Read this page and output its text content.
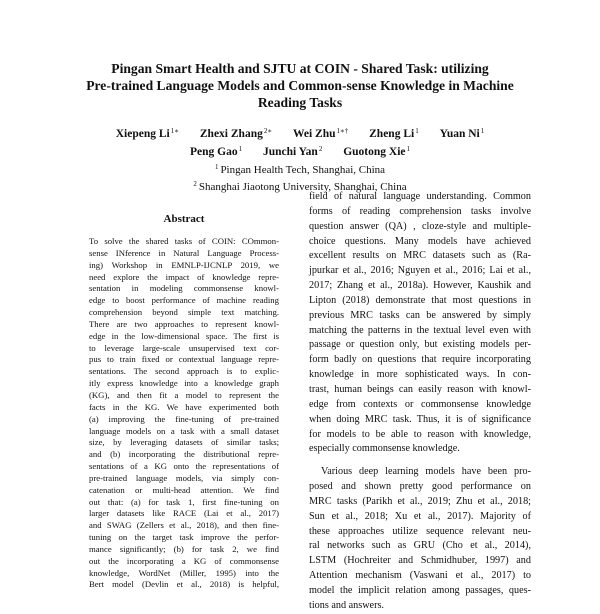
Pingan Smart Health and SJTU at COIN - Shared Task: utilizing
Pre-trained Language Models and Common-sense Knowledge in Machine
Reading Tasks
Xiepeng $Li^{1∗}$ Zhexi Zhang$^{2∗}$ Wei Zhu$^{1∗\dagger}$ Zheng Li$^1$ Yuan Ni$^1$
Peng Gao$^1$ Junchi Yan$^2$ Guotong Xie$^1$
$^1$ Pingan Health Tech, Shanghai, China
$^2$ Shanghai Jiaotong University, Shanghai, China
Abstract
To solve the shared tasks of COIN: COmmon-
sense INference in Natural Language Process-
ing) Workshop in EMNLP-IJCNLP 2019, we
need explore the impact of knowledge repre-
sentation in modeling commonsense knowl-
edge to boost performance of machine reading
comprehension beyond simple text matching.
There are two approaches to represent knowl-
edge in the low-dimensional space. The first is
to leverage large-scale unsupervised text cor-
pus to train fixed or contextual language repre-
sentations. The second approach is to explic-
itly express knowledge into a knowledge graph
(KG), and then fit a model to represent the
facts in the KG. We have experimented both
(a) improving the fine-tuning of pre-trained
language models on a task with a small dataset
size, by leveraging datasets of similar tasks;
and (b) incorporating the distributional repre-
sentations of a KG onto the representations of
pre-trained language models, via simply con-
catenation or multi-head attention. We find
out that: (a) for task 1, first fine-tuning on
larger datasets like RACE (Lai et al., 2017)
and SWAG (Zellers et al., 2018), and then fine-
tuning on the target task improve the perfor-
mance significantly; (b) for task 2, we find
out the incorporating a KG of commonsense
knowledge, WordNet (Miller, 1995) into the
Bert model (Devlin et al., 2018) is helpful,
field of natural language understanding. Common
forms of reading comprehension tasks involve
question answer (QA) , cloze-style and multiple-
choice questions. Many models have achieved
excellent results on MRC datasets such as (Ra-
jpurkar et al., 2016; Nguyen et al., 2016; Lai et al.,
2017; Zhang et al., 2018a). However, Kaushik and
Lipton (2018) demonstrate that most questions in
previous MRC tasks can be answered by simply
matching the patterns in the textual level even with
passage or question only, but existing models per-
form badly on questions that require incorporating
knowledge in more sophisticated ways. In con-
trast, human beings can easily reason with knowl-
edge from contexts or commonsense knowledge
when doing MRC task. Thus, it is of significance
for models to be able to reason with knowledge,
especially commonsense knowledge.
Various deep learning models have been pro-
posed and shown pretty good performance on
MRC tasks (Parikh et al., 2019; Zhu et al., 2018;
Sun et al., 2018; Xu et al., 2017). Majority of
these approaches utilize sequence relevant neu-
ral networks such as GRU (Cho et al., 2014),
LSTM (Hochreiter and Schmidhuber, 1997) and
Attention mechanism (Vaswani et al., 2017) to
model the implicit relation among passages, ques-
tions and answers.
